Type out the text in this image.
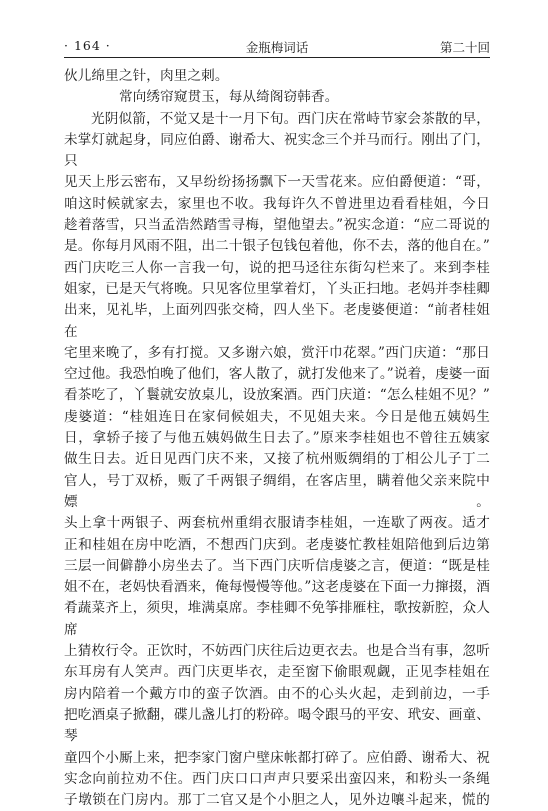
· 164 ·	金瓶梅词话	第二十回

伙儿绵里之针，肉里之刺。

常向绣帘窥贯玉，每从绮阁窃韩香。

光阴似箭，不觉又是十一月下旬。西门庆在常峙节家会茶散的早，

未掌灯就起身，同应伯爵、谢希大、祝实念三个并马而行。刚出了门，只

见天上彤云密布，又早纷纷扬扬飘下一天雪花来。应伯爵便道：“哥，

咱这时候就家去，家里也不收。我每许久不曾进里边看看桂姐，今日

趁着落雪，只当孟浩然踏雪寻梅，望他望去。”祝实念道：“应二哥说的

是。你每月风雨不阻，出二十银子包钱包着他，你不去，落的他自在。”

西门庆吃三人你一言我一句，说的把马迳往东街勾栏来了。来到李桂

姐家，已是天气将晚。只见客位里掌着灯，丫头正扫地。老妈并李桂卿

出来，见礼毕，上面列四张交椅，四人坐下。老虔婆便道：“前者桂姐在

宅里来晚了，多有打搅。又多谢六娘，赏汗巾花翠。”西门庆道：“那日

空过他。我恐怕晚了他们，客人散了，就打发他来了。”说着，虔婆一面

看茶吃了，丫鬟就安放桌儿，设放案酒。西门庆道：“怎么桂姐不见？”

虔婆道：“桂姐连日在家伺候姐夫，不见姐夫来。今日是他五姨妈生

日，拿轿子接了与他五姨妈做生日去了。”原来李桂姐也不曾往五姨家

做生日去。近日见西门庆不来，又接了杭州贩绸绢的丁相公儿子丁二

官人，号丁双桥，贩了千两银子绸绢，在客店里，瞒着他父亲来院中嫖。

头上拿十两银子、两套杭州重绢衣服请李桂姐，一连歇了两夜。适才

正和桂姐在房中吃酒，不想西门庆到。老虔婆忙教桂姐陪他到后边第

三层一间僻静小房坐去了。当下西门庆听信虔婆之言，便道：“既是桂

姐不在，老妈快看酒来，俺每慢慢等他。”这老虔婆在下面一力撺掇，酒

肴蔬菜齐上，须臾，堆满桌席。李桂卿不免筝排雁柱，歌按新腔，众人席

上猜枚行令。正饮时，不妨西门庆往后边更衣去。也是合当有事，忽听

东耳房有人笑声。西门庆更毕衣，走至窗下偷眼观觑，正见李桂姐在

房内陪着一个戴方巾的蛮子饮酒。由不的心头火起，走到前边，一手

把吃酒桌子掀翻，碟儿盏儿打的粉碎。喝令跟马的平安、玳安、画童、琴

童四个小厮上来，把李家门窗户壁床帐都打碎了。应伯爵、谢希大、祝

实念向前拉劝不住。西门庆口口声声只要采出蛮囚来，和粉头一条绳

子墩锁在门房内。那丁二官又是个小胆之人，见外边嚷斗起来，慌的
